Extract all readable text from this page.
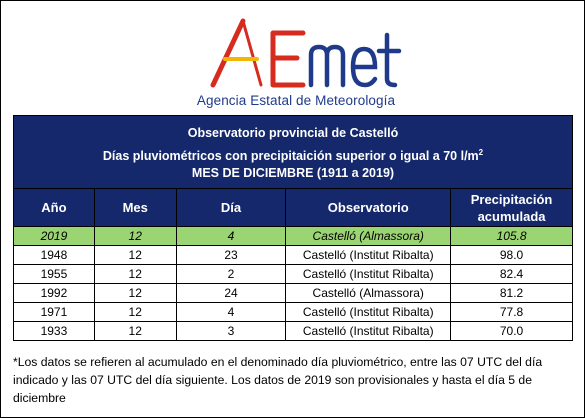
Agencia Estatal de Meteorología
Observatorio provincial de Castelló
Días pluviométricos con precipitaición superior o igual a 70 $l/m^2$
MES DE DICIEMBRE (1911 a 2019)				

Año	Mes	Día	Observatorio	Precipitación acumulada
2019	12	4	Castelló (Almassora)	105.8
1948	12	23	Castelló (Institut Ribalta)	98.0
1955	12	2	Castelló (Institut Ribalta)	82.4
1992	12	24	Castelló (Almassora)	81.2
1971	12	4	Castelló (Institut Ribalta)	77.8
1933	12	3	Castelló (Institut Ribalta)	70.0
*Los datos se refieren al acumulado en el denominado día pluviométrico, entre las 07 UTC del día indicado y las 07 UTC del día siguiente. Los datos de 2019 son provisionales y hasta el día 5 de diciembre
